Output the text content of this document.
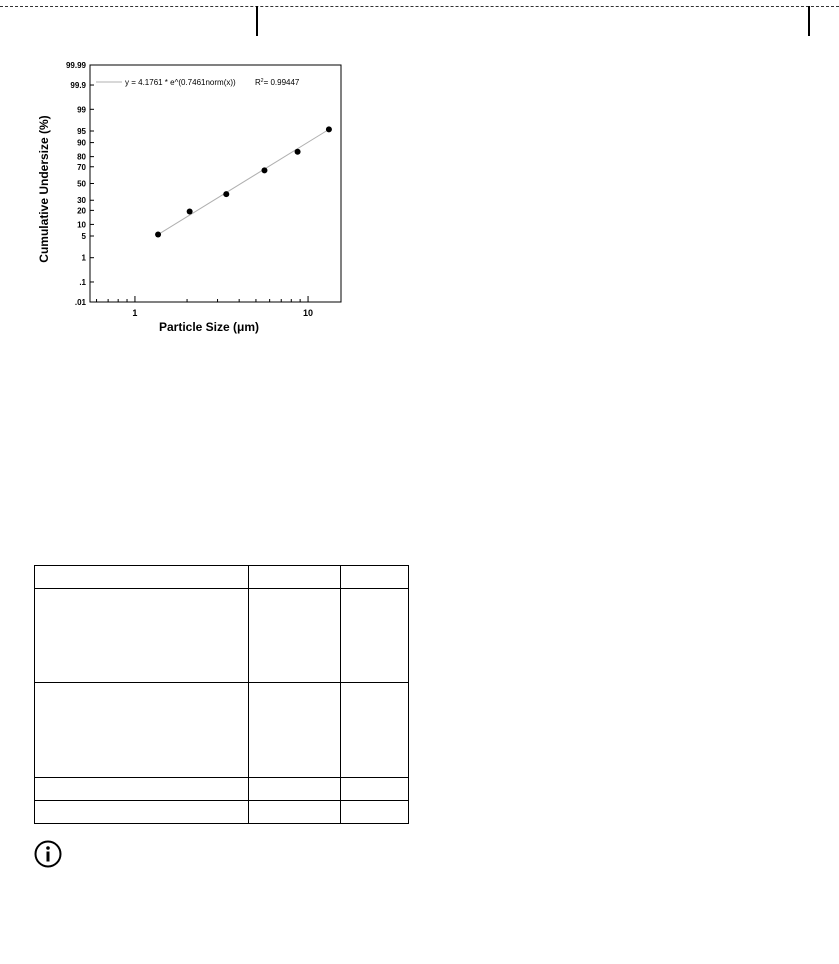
99.99
99.9
99
95
90
80
70
50
30
20
10
5
1
.1
.01
1	10
y = 4.1761 * e^(0.7461norm(x)) $R^2= 0.99447$
Particle Size (μm)
Cumulative Undersize (%)
